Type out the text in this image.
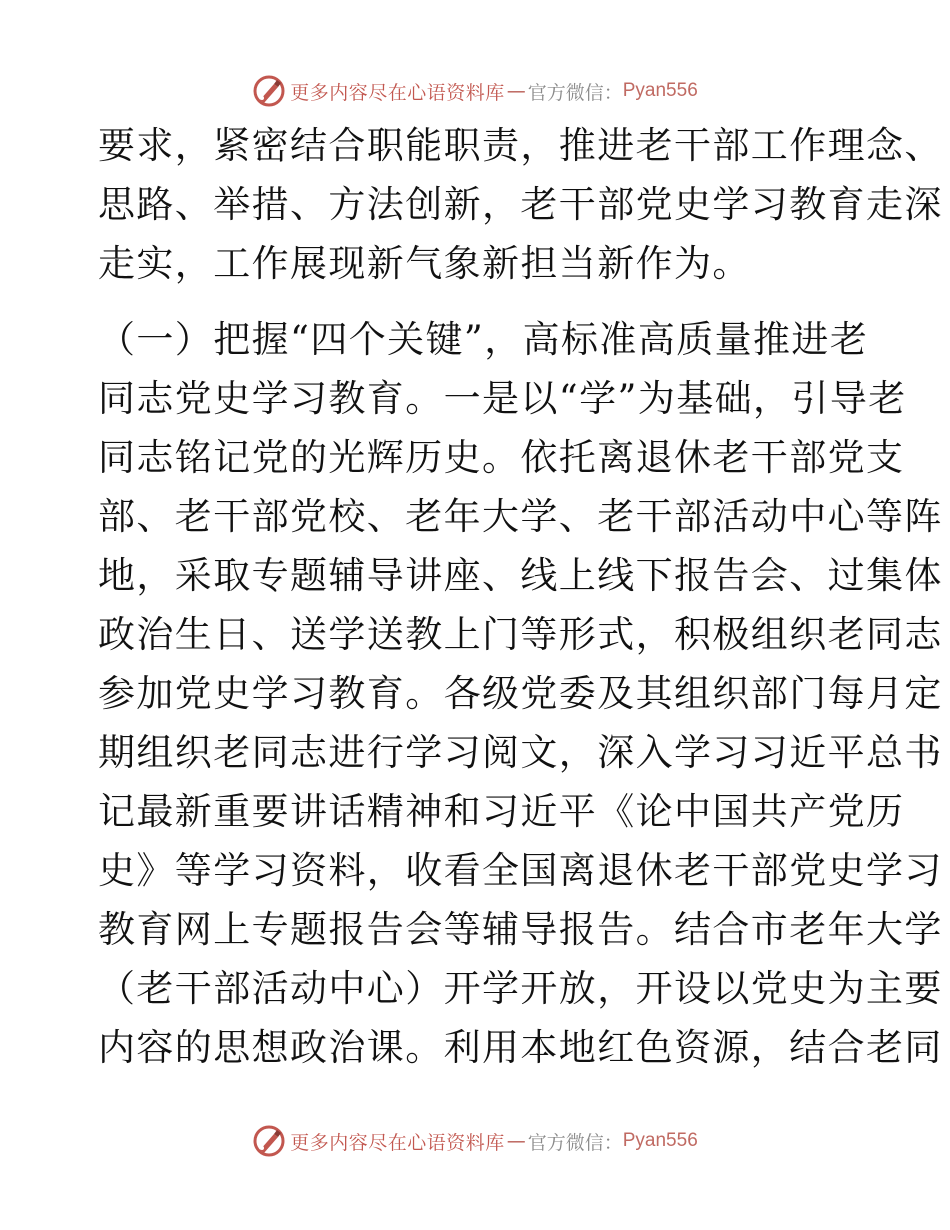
更多内容尽在心语资料库 — 官方微信： Pyan556
要求，紧密结合职能职责，推进老干部工作理念、
思路、举措、方法创新，老干部党史学习教育走深
走实，工作展现新气象新担当新作为。
（一）把握“四个关键”，高标准高质量推进老
同志党史学习教育。一是以“学”为基础，引导老
同志铭记党的光辉历史。依托离退休老干部党支
部、老干部党校、老年大学、老干部活动中心等阵
地，采取专题辅导讲座、线上线下报告会、过集体
政治生日、送学送教上门等形式，积极组织老同志
参加党史学习教育。各级党委及其组织部门每月定
期组织老同志进行学习阅文，深入学习习近平总书
记最新重要讲话精神和习近平《论中国共产党历
史》等学习资料，收看全国离退休老干部党史学习
教育网上专题报告会等辅导报告。结合市老年大学
（老干部活动中心）开学开放，开设以党史为主要
内容的思想政治课。利用本地红色资源，结合老同
更多内容尽在心语资料库 — 官方微信： Pyan556
